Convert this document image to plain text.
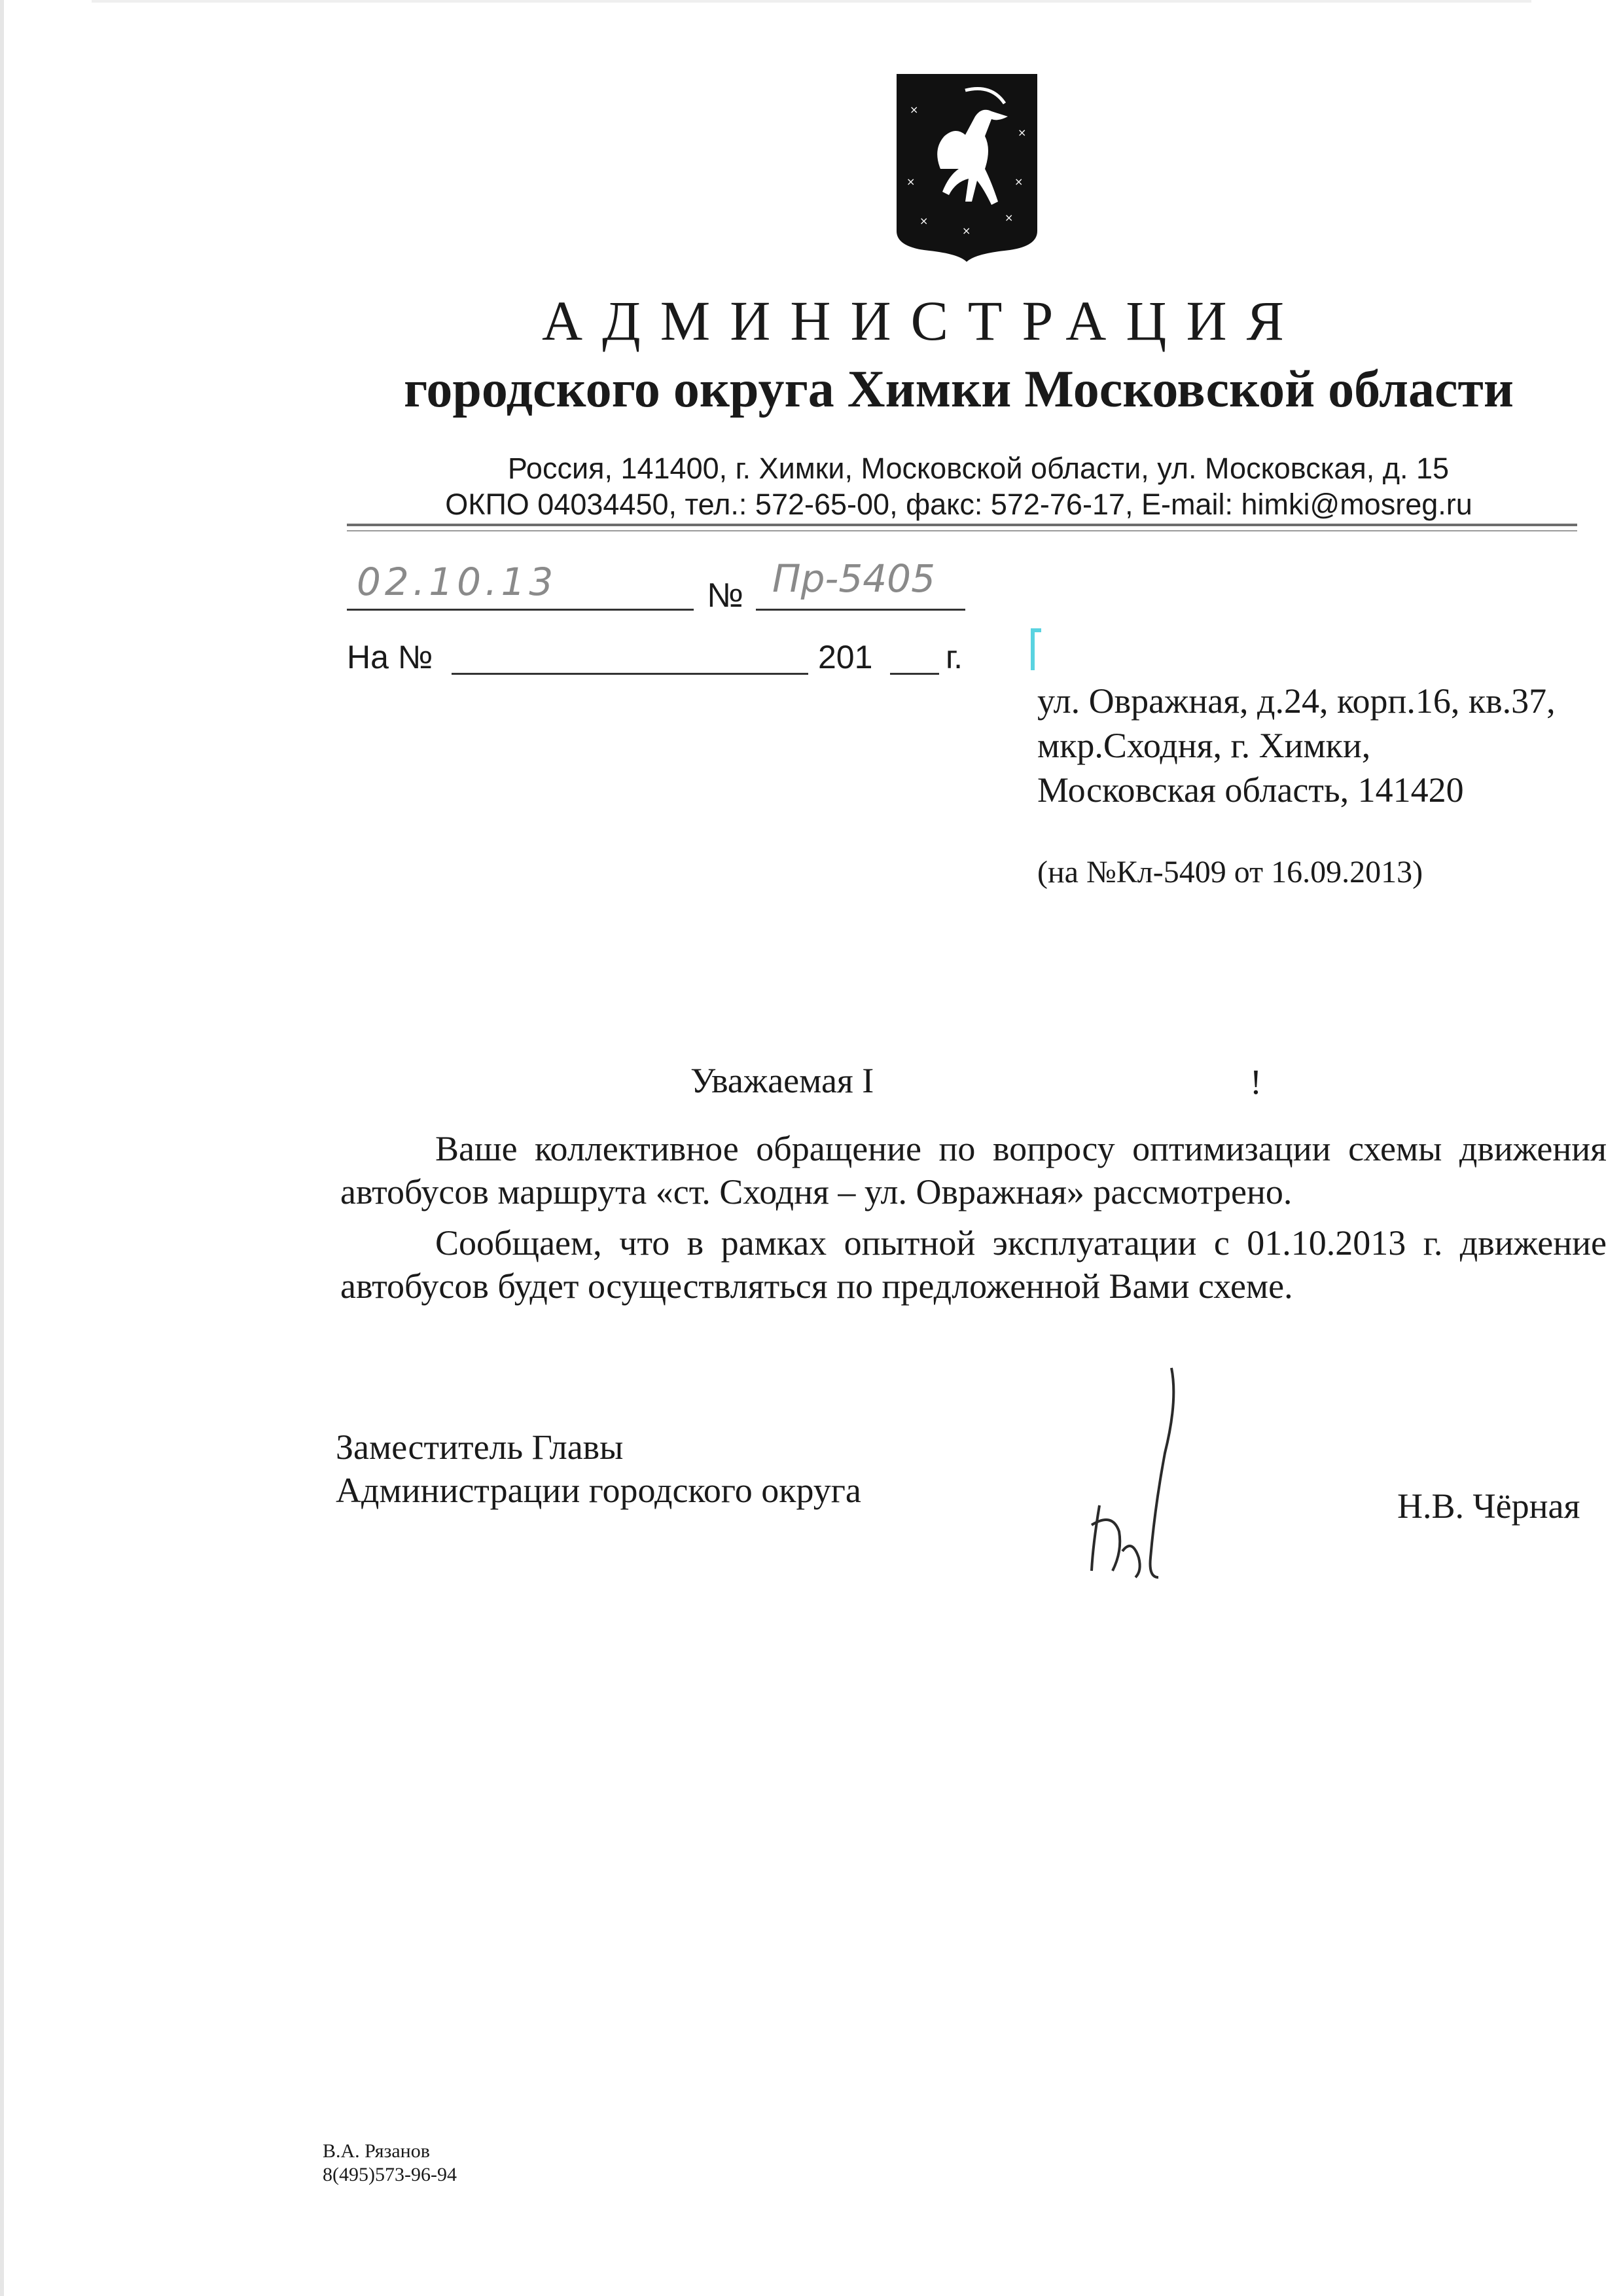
×
×
×	×
×	×
×
АДМИНИСТРАЦИЯ
городского округа Химки Московской области
Россия, 141400, г. Химки, Московской области, ул. Московская, д. 15
ОКПО 04034450, тел.: 572-65-00, факс: 572-76-17, E-mail: himki@mosreg.ru
02.10.13	№ Пр-5405
На №	201 г.
ул. Овражная, д.24, корп.16, кв.37,
мкр.Сходня, г. Химки,
Московская область, 141420
(на №Кл-5409 от 16.09.2013)
Уважаемая I	!
Ваше коллективное обращение по вопросу оптимизации схемы движения автобусов маршрута «ст. Сходня – ул. Овражная» рассмотрено.
Сообщаем, что в рамках опытной эксплуатации с 01.10.2013 г. движение автобусов будет осуществляться по предложенной Вами схеме.
Заместитель Главы
Администрации городского округа	Н.В. Чёрная
В.А. Рязанов
8(495)573-96-94
